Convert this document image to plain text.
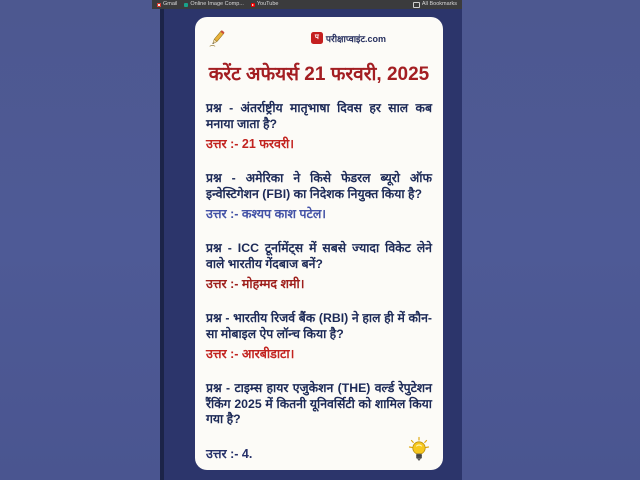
Gmail Online Image Comp... YouTube	All Bookmarks
प परीक्षाप्वाइंट.com
करेंट अफेयर्स 21 फरवरी, 2025

प्रश्न - अंतर्राष्ट्रीय मातृभाषा दिवस हर साल कब मनाया जाता है?

उत्तर :- 21 फरवरी।

प्रश्न - अमेरिका ने किसे फेडरल ब्यूरो ऑफ इन्वेस्टिगेशन (FBI) का निदेशक नियुक्त किया है?

उत्तर :- कश्यप काश पटेल।

प्रश्न - ICC टूर्नामेंट्स में सबसे ज्यादा विकेट लेने वाले भारतीय गेंदबाज बनें?

उत्तर :- मोहम्मद शमी।

प्रश्न - भारतीय रिजर्व बैंक (RBI) ने हाल ही में कौन-सा मोबाइल ऐप लॉन्च किया है?

उत्तर :- आरबीडाटा।

प्रश्न - टाइम्स हायर एजुकेशन (THE) वर्ल्ड रेपुटेशन रैंकिंग 2025 में कितनी यूनिवर्सिटी को शामिल किया गया है?

उत्तर :- 4.
